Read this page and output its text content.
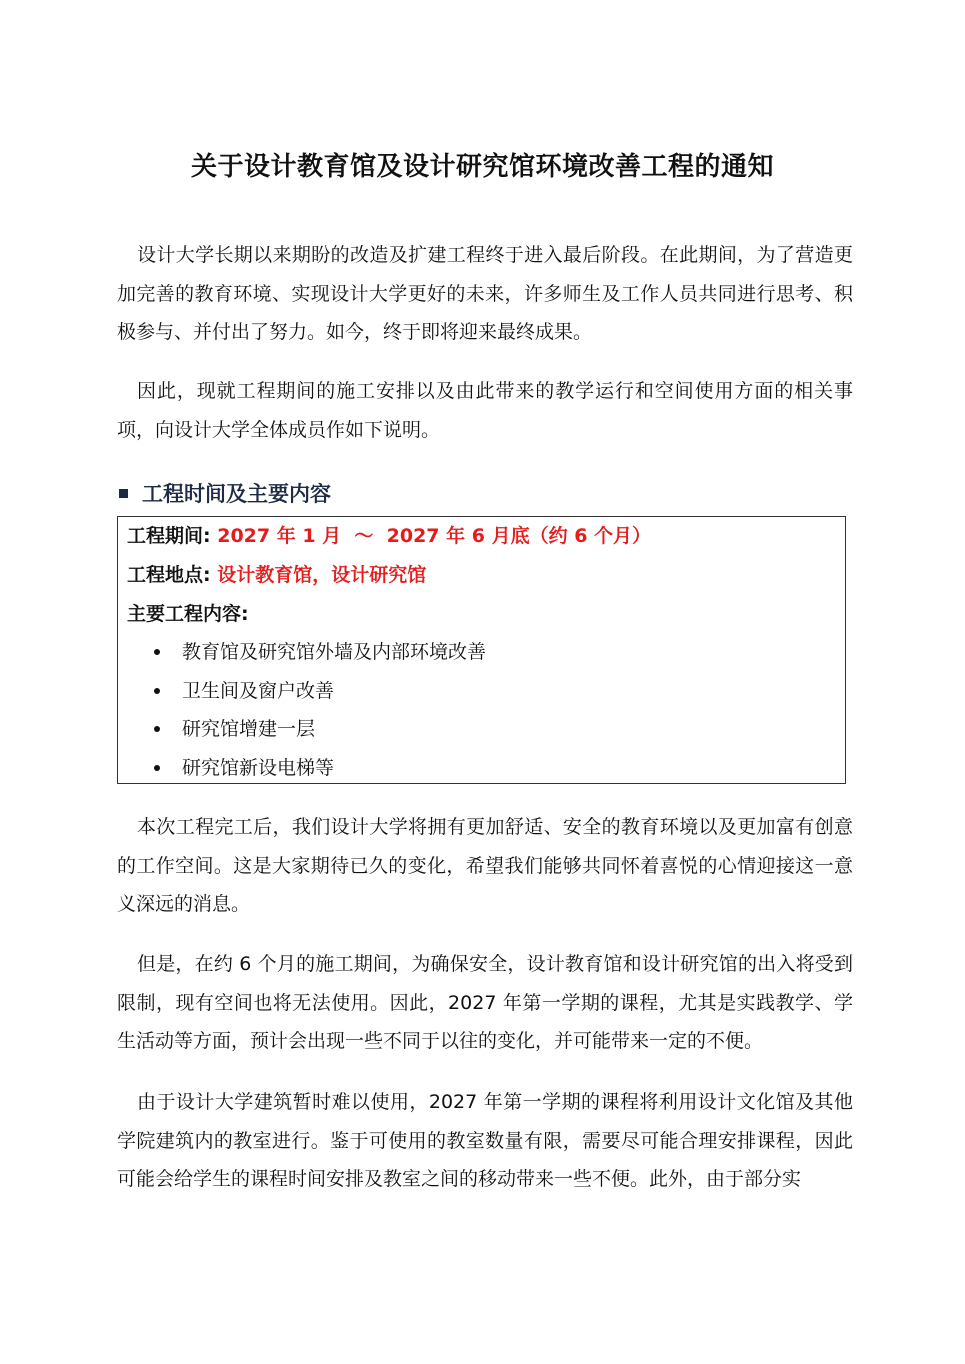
关于设计教育馆及设计研究馆环境改善工程的通知

设计大学长期以来期盼的改造及扩建工程终于进入最后阶段。在此期间，为了营造更加完善的教育环境、实现设计大学更好的未来，许多师生及工作人员共同进行思考、积极参与、并付出了努力。如今，终于即将迎来最终成果。

因此，现就工程期间的施工安排以及由此带来的教学运行和空间使用方面的相关事项，向设计大学全体成员作如下说明。

工程时间及主要内容
工程期间: 2027 年 1 月  ～  2027 年 6 月底（约 6 个月）
工程地点: 设计教育馆，设计研究馆
主要工程内容:
教育馆及研究馆外墙及内部环境改善
卫生间及窗户改善
研究馆增建一层
研究馆新设电梯等

本次工程完工后，我们设计大学将拥有更加舒适、安全的教育环境以及更加富有创意的工作空间。这是大家期待已久的变化，希望我们能够共同怀着喜悦的心情迎接这一意义深远的消息。

但是，在约 6 个月的施工期间，为确保安全，设计教育馆和设计研究馆的出入将受到限制，现有空间也将无法使用。因此，2027 年第一学期的课程，尤其是实践教学、学生活动等方面，预计会出现一些不同于以往的变化，并可能带来一定的不便。

由于设计大学建筑暂时难以使用，2027 年第一学期的课程将利用设计文化馆及其他学院建筑内的教室进行。鉴于可使用的教室数量有限，需要尽可能合理安排课程，因此可能会给学生的课程时间安排及教室之间的移动带来一些不便。此外，由于部分实
